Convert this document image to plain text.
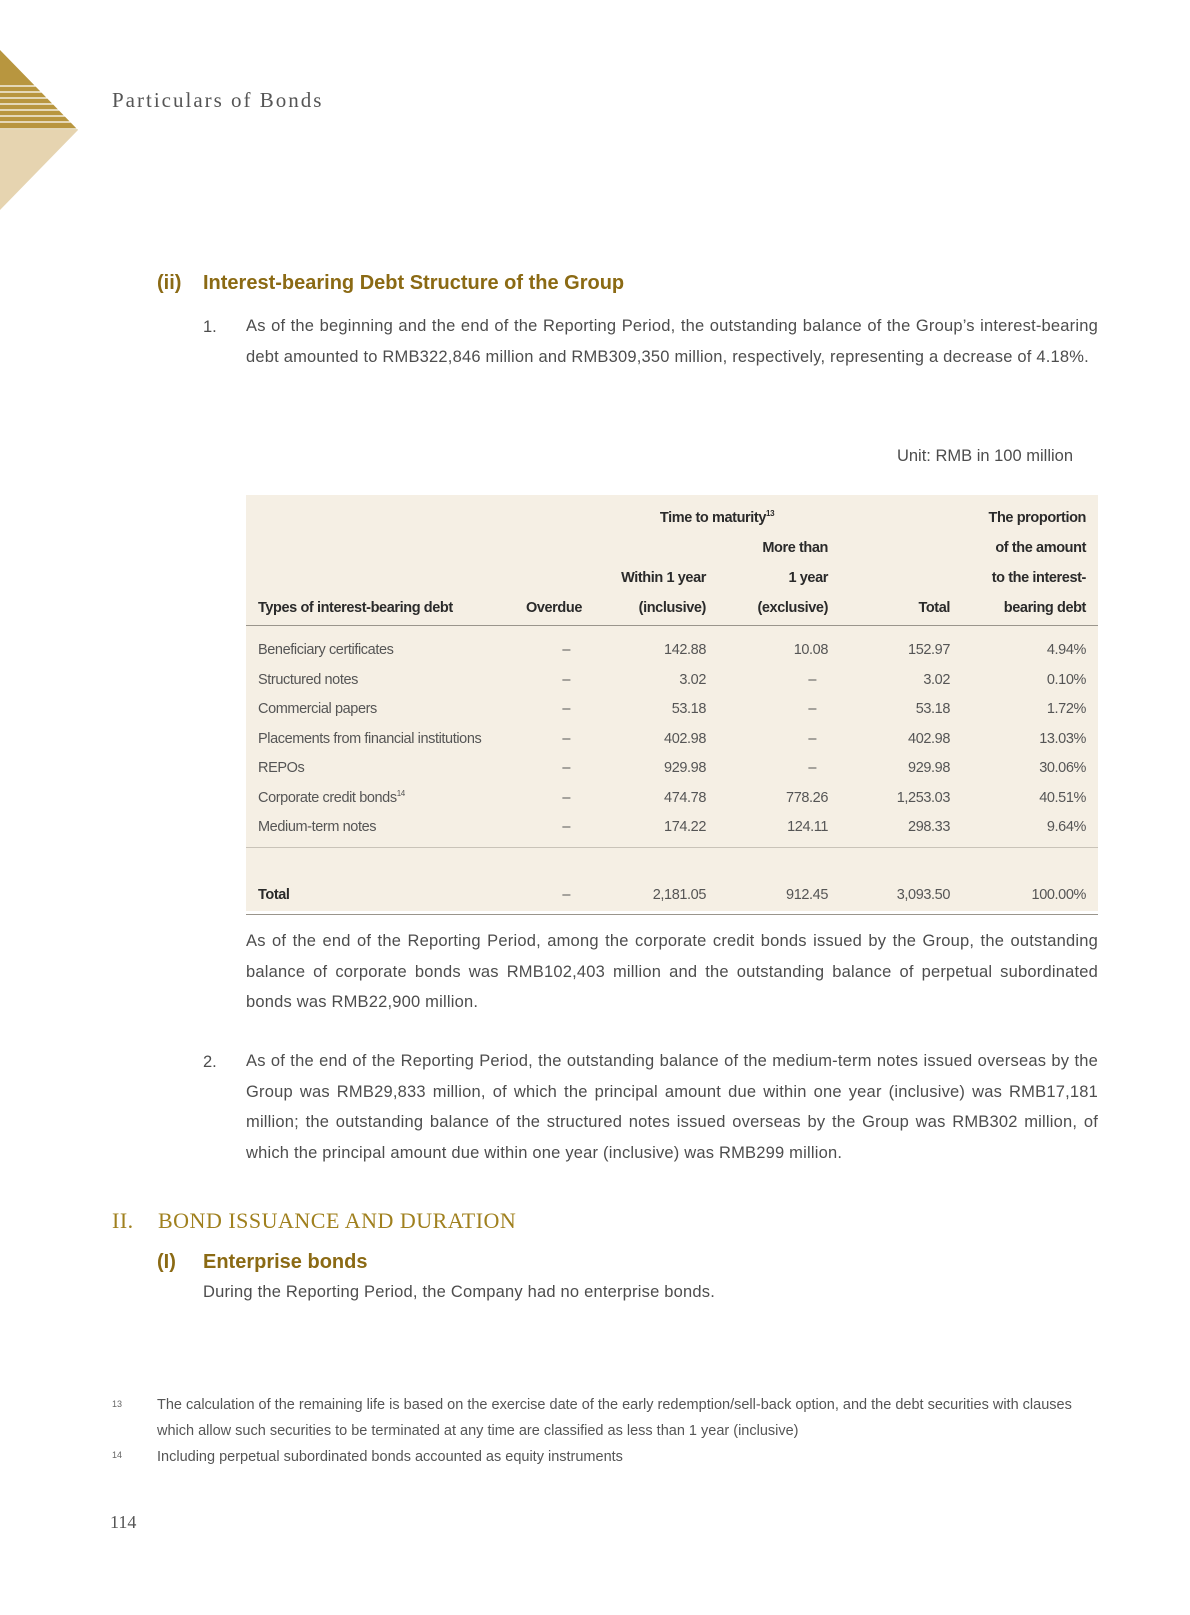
Particulars of Bonds
(ii) Interest-bearing Debt Structure of the Group
1. As of the beginning and the end of the Reporting Period, the outstanding balance of the Group’s interest-bearing debt amounted to RMB322,846 million and RMB309,350 million, respectively, representing a decrease of 4.18%.
Unit: RMB in 100 million
		Time to maturity$^{13}$			The proportion
			More than		of the amount
		Within 1 year	1 year		to the interest-
Types of interest-bearing debt	Overdue	(inclusive)	(exclusive)	Total	bearing debt
Beneficiary certificates	–	142.88	10.08	152.97	4.94%
Structured notes	–	3.02	–	3.02	0.10%
Commercial papers	–	53.18	–	53.18	1.72%
Placements from financial institutions	–	402.98	–	402.98	13.03%
REPOs	–	929.98	–	929.98	30.06%
Corporate credit bonds$^{14}$	–	474.78	778.26	1,253.03	40.51%
Medium-term notes	–	174.22	124.11	298.33	9.64%

Total	–	2,181.05	912.45	3,093.50	100.00%
As of the end of the Reporting Period, among the corporate credit bonds issued by the Group, the outstanding balance of corporate bonds was RMB102,403 million and the outstanding balance of perpetual subordinated bonds was RMB22,900 million.
2. As of the end of the Reporting Period, the outstanding balance of the medium-term notes issued overseas by the Group was RMB29,833 million, of which the principal amount due within one year (inclusive) was RMB17,181 million; the outstanding balance of the structured notes issued overseas by the Group was RMB302 million, of which the principal amount due within one year (inclusive) was RMB299 million.
II. BOND ISSUANCE AND DURATION
(I) Enterprise bonds
During the Reporting Period, the Company had no enterprise bonds.
13 The calculation of the remaining life is based on the exercise date of the early redemption/sell-back option, and the debt securities with clauses which allow such securities to be terminated at any time are classified as less than 1 year (inclusive)
14 Including perpetual subordinated bonds accounted as equity instruments
114
